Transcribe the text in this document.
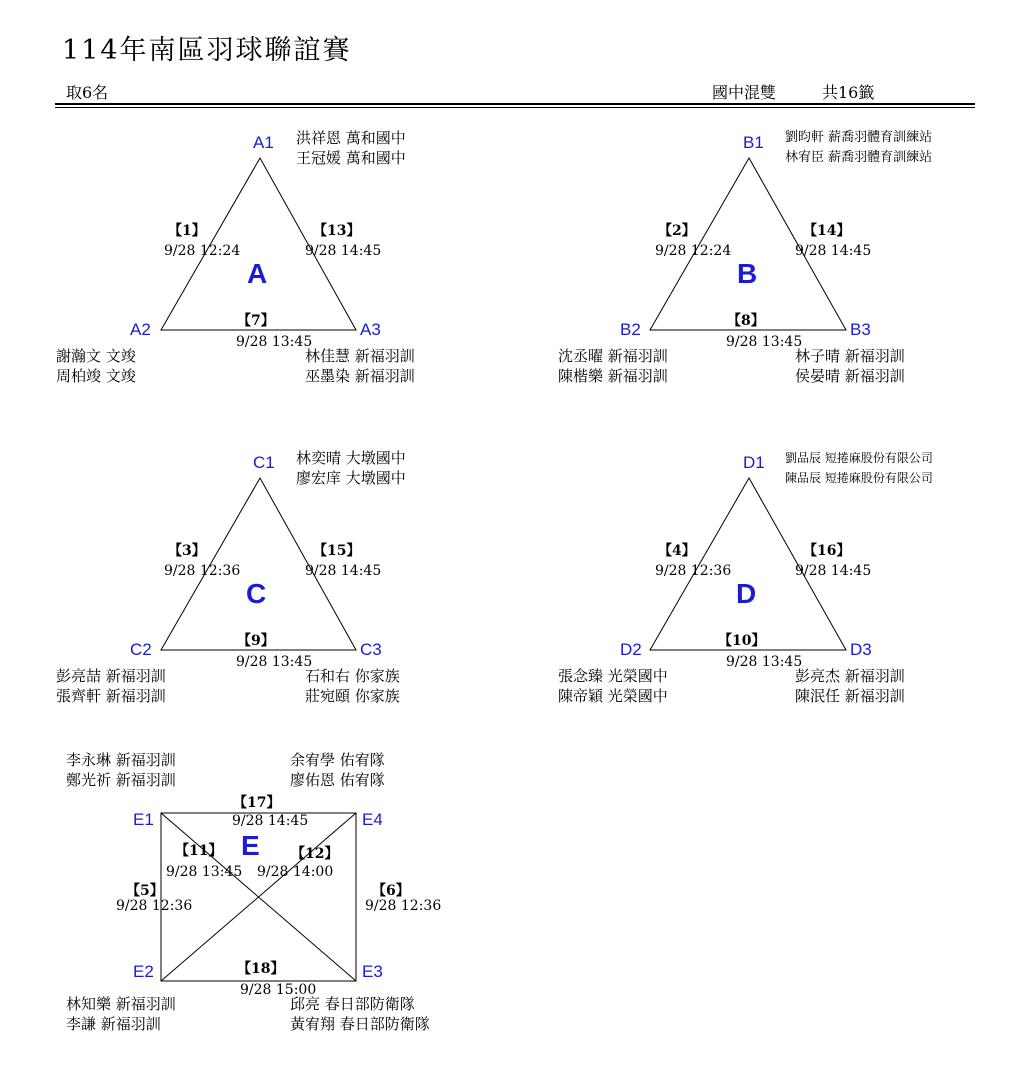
114年南區羽球聯誼賽
取6名	國中混雙	共16籤
A1 洪祥恩 萬和國中
王冠媛 萬和國中
A2
謝瀚文 文竣
周柏竣 文竣
A3
林佳慧 新福羽訓
巫墨染 新福羽訓
A
【1】
9/28 12:24
【13】
9/28 14:45
【7】
9/28 13:45
B1 劉昀軒 薪喬羽體育訓練站
林宥臣 薪喬羽體育訓練站
B2
沈丞曜 新福羽訓
陳楷樂 新福羽訓
B3
林子晴 新福羽訓
侯晏晴 新福羽訓
B
【2】
9/28 12:24
【14】
9/28 14:45
【8】
9/28 13:45
C1 林奕晴 大墩國中
廖宏庠 大墩國中
C2
彭亮喆 新福羽訓
張齊軒 新福羽訓
C3
石和右 你家族
莊宛頤 你家族
C
【3】
9/28 12:36
【15】
9/28 14:45
【9】
9/28 13:45
D1 劉品辰 短捲麻股份有限公司
陳品辰 短捲麻股份有限公司
D2
張念臻 光榮國中
陳帝穎 光榮國中
D3
彭亮杰 新福羽訓
陳泯任 新福羽訓
D
【4】
9/28 12:36
【16】
9/28 14:45
【10】
9/28 13:45
李永琳 新福羽訓
鄭光祈 新福羽訓
余宥學 佑宥隊
廖佑恩 佑宥隊
E1	E4
E2	E3
林知樂 新福羽訓
李謙 新福羽訓
邱亮 春日部防衛隊
黃宥翔 春日部防衛隊
E
【17】
9/28 14:45
【11】
9/28 13:45
【12】
9/28 14:00
【5】
9/28 12:36
【6】
9/28 12:36
【18】
9/28 15:00
